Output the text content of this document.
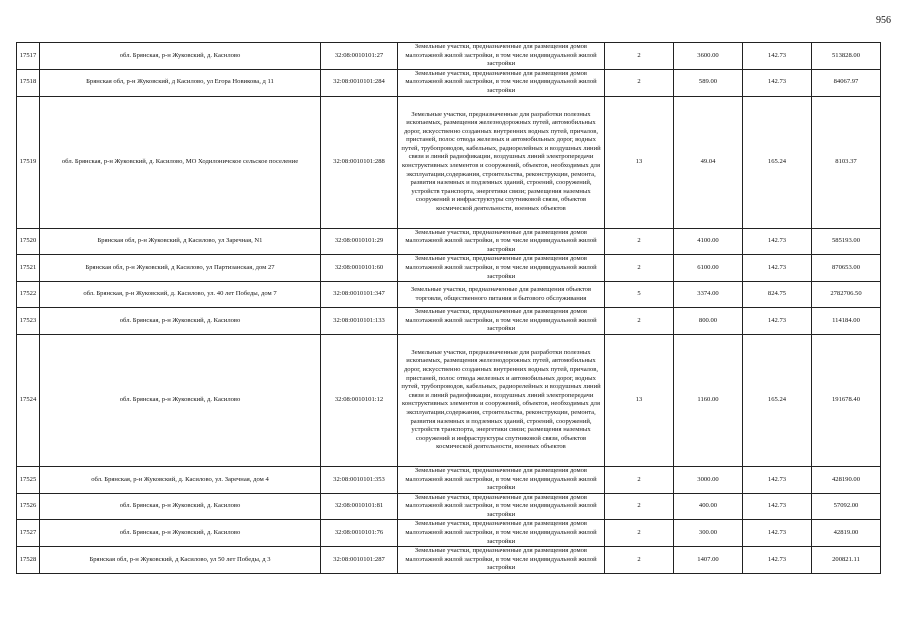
956
17517	обл. Брянская, р-н Жуковский, д. Каснлово	32:08:0010101:27	Земельные участки, предназначенные для размещения домов малоэтажной жилой застройки, в том числе индивидуальной жилой застройки	2	3600.00	142.73	513828.00
17518	Брянская обл, р-н Жуковский, д Касилово, ул Егора Новикова, д 11	32:08:0010101:284	Земельные участки, предназначенные для размещения домов малоэтажной жилой застройки, в том числе индивидуальной жилой застройки	2	589.00	142.73	84067.97
17519	обл. Брянская, р-н Жуковский, д. Касилово, МО Ходилоничское сельское поселение	32:08:0010101:288	Земельные участки, предназначенные для разработки полезных ископаемых, размещения железнодорожных путей, автомобильных дорог, искусственно созданных внутренних водных путей, причалов, пристаней, полос отвода железных и автомобильных дорог, водных путей, трубопроводов, кабельных, радиорелейных и воздушных линий связи и линий радиофикации, воздушных линий электропередачи конструктивных элементов и сооружений, объектов, необходимых для эксплуатации,содержания, строительства, реконструкции, ремонта, развития наземных и подземных зданий, строений, сооружений, устройств транспорта, энергетики связи; размещения наземных сооружений и инфраструктуры спутниковой связи, объектов космической деятельности, военных объектов	13	49.04	165.24	8103.37
17520	Брянская обл, р-н Жуковский, д Касилово, ул Заречная, N1	32:08:0010101:29	Земельные участки, предназначенные для размещения домов малоэтажной жилой застройки, в том числе индивидуальной жилой застройки	2	4100.00	142.73	585193.00
17521	Брянская обл, р-н Жуковский, д Касилово, ул Партизанская, дом 27	32:08:0010101:60	Земельные участки, предназначенные для размещения домов малоэтажной жилой застройки, в том числе индивидуальной жилой застройки	2	6100.00	142.73	870653.00
17522	обл. Брянская, р-н Жуковский, д. Касилово, ул. 40 лет Победы, дом 7	32:08:0010101:347	Земельные участки, предназначенные для размещения объектов торговли, общественного питания и бытового обслуживания	5	3374.00	824.75	2782706.50
17523	обл. Брянская, р-н Жуковский, д. Касилово	32:08:0010101:133	Земельные участки, предназначенные для размещения домов малоэтажной жилой застройки, в том числе индивидуальной жилой застройки	2	800.00	142.73	114184.00
17524	обл. Брянская, р-н Жуковский, д. Касилово	32:08:0010101:12	Земельные участки, предназначенные для разработки полезных ископаемых, размещения железнодорожных путей, автомобильных дорог, искусственно созданных внутренних водных путей, причалов, пристаней, полос отвода железных и автомобильных дорог, водных путей, трубопроводов, кабельных, радиорелейных и воздушных линий связи и линий радиофикации, воздушных линий электропередачи конструктивных элементов и сооружений, объектов, необходимых для эксплуатации,содержания, строительства, реконструкции, ремонта, развития наземных и подземных зданий, строений, сооружений, устройств транспорта, энергетики связи; размещения наземных сооружений и инфраструктуры спутниковой связи, объектов космической деятельности, военных объектов	13	1160.00	165.24	191678.40
17525	обл. Брянская, р-н Жуковский, д. Касилово, ул. Заречная, дом 4	32:08:0010101:353	Земельные участки, предназначенные для размещения домов малоэтажной жилой застройки, в том числе индивидуальной жилой застройки	2	3000.00	142.73	428190.00
17526	обл. Брянская, р-н Жуковский, д. Касилово	32:08:0010101:81	Земельные участки, предназначенные для размещения домов малоэтажной жилой застройки, в том числе индивидуальной жилой застройки	2	400.00	142.73	57092.00
17527	обл. Брянская, р-н Жуковский, д. Касилово	32:08:0010101:76	Земельные участки, предназначенные для размещения домов малоэтажной жилой застройки, в том числе индивидуальной жилой застройки	2	300.00	142.73	42819.00
17528	Брянская обл, р-н Жуковский, д Касилово, ул 50 лет Победы, д 3	32:08:0010101:287	Земельные участки, предназначенные для размещения домов малоэтажной жилой застройки, в том числе индивидуальной жилой застройки	2	1407.00	142.73	200821.11
